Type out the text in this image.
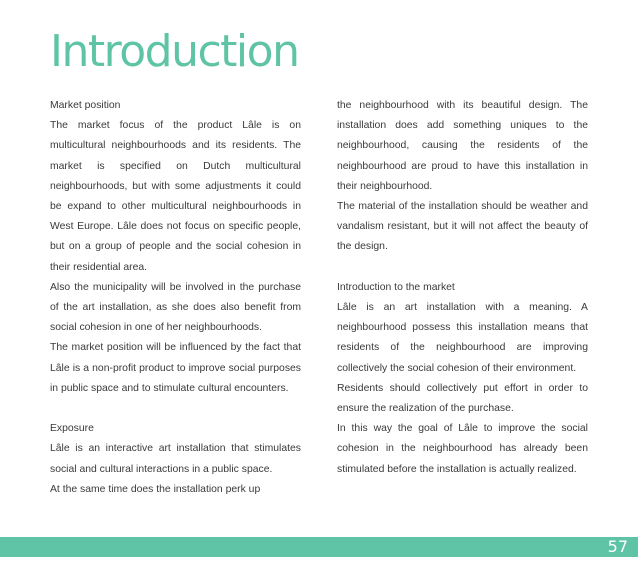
Introduction

Market position

The market focus of the product Lâle is on multicultural neighbourhoods and its residents. The market is specified on Dutch multicultural neighbourhoods, but with some adjustments it could be expand to other multicultural neighbourhoods in West Europe. Lâle does not focus on specific people, but on a group of people and the social cohesion in their residential area.

Also the municipality will be involved in the purchase of the art installation, as she does also benefit from social cohesion in one of her neighbourhoods.

The market position will be influenced by the fact that Lâle is a non-profit product to improve social purposes in public space and to stimulate cultural encounters.

Exposure

Lâle is an interactive art installation that stimulates social and cultural interactions in a public space.

At the same time does the installation perk up

the neighbourhood with its beautiful design. The installation does add something uniques to the neighbourhood, causing the residents of the neighbourhood are proud to have this installation in their neighbourhood.

The material of the installation should be weather and vandalism resistant, but it will not affect the beauty of the design.

Introduction to the market

Lâle is an art installation with a meaning. A neighbourhood possess this installation means that residents of the neighbourhood are improving collectively the social cohesion of their environment.

Residents should collectively put effort in order to ensure the realization of the purchase.

In this way the goal of Lâle to improve the social cohesion in the neighbourhood has already been stimulated before the installation is actually realized.

57
